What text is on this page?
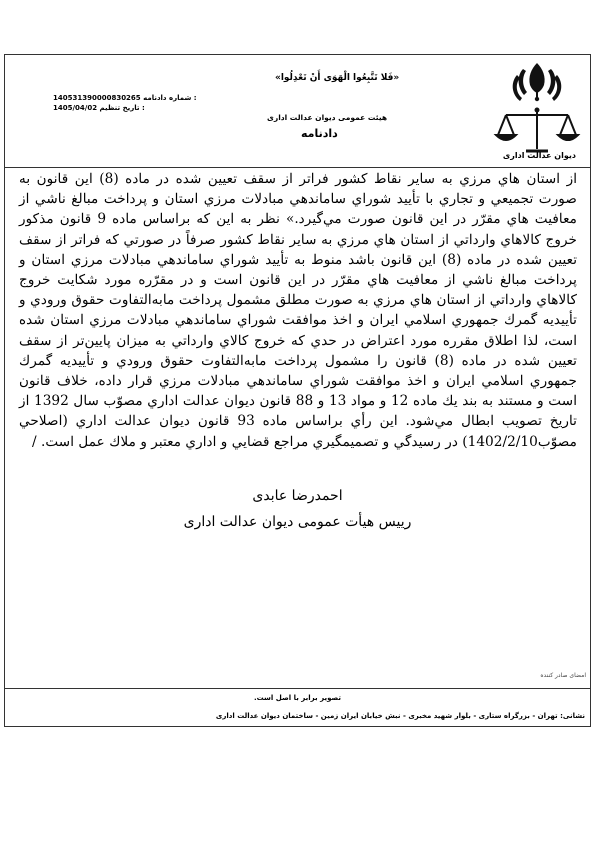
دیوان عدالت اداری
«فَلا تَتَّبِعُوا الْهَوَی أَنْ تَعْدِلُوا»
هیئت عمومی دیوان عدالت اداری
دادنامه
140531390000830265 شماره دادنامه :
1405/04/02 تاریخ تنظیم :
از استان هاي مرزي به ساير نقاط كشور فراتر از سقف تعيين شده در ماده (8) اين قانون به صورت تجميعي و تجاري با تأييد شوراي ساماندهي مبادلات مرزي استان و پرداخت مبالغ ناشي از معافيت هاي مقرّر در اين قانون صورت مي‌گيرد.» نظر به اين كه براساس ماده 9 قانون مذكور خروج كالاهاي وارداتي از استان هاي مرزي به ساير نقاط كشور صرفاً در صورتي كه فراتر از سقف تعيين شده در ماده (8) اين قانون باشد منوط به تأييد شوراي ساماندهي مبادلات مرزي استان و پرداخت مبالغ ناشي از معافيت هاي مقرّر در اين قانون است و در مقرّره مورد شكايت خروج كالاهاي وارداتي از استان هاي مرزي به صورت مطلق مشمول پرداخت مابه‌التفاوت حقوق ورودي و تأييديه گمرك جمهوري اسلامي ايران و اخذ موافقت شوراي ساماندهي مبادلات مرزي استان شده است، لذا اطلاق مقرره مورد اعتراض در حدي كه خروج كالاي وارداتي به ميزان پايين‌تر از سقف تعيين شده در ماده (8) قانون را مشمول پرداخت مابه‌التفاوت حقوق ورودي و تأييديه گمرك جمهوري اسلامي ايران و اخذ موافقت شوراي ساماندهي مبادلات مرزي قرار داده، خلاف قانون است و مستند به بند يك ماده 12 و مواد 13 و 88 قانون ديوان عدالت اداري مصوّب سال 1392 از تاريخ تصويب ابطال مي‌شود. اين رأي براساس ماده 93 قانون ديوان عدالت اداري (اصلاحي مصوّب1402/2/10) در رسيدگي و تصميمگيري مراجع قضايي و اداري معتبر و ملاك عمل است. /
احمدرضا عابدی
رییس هیأت عمومی دیوان عدالت اداری
امضای صادر کننده
تصویر برابر با اصل است.
نشانی: تهران - بزرگراه ستاری - بلوار شهید مخبری - نبش خیابان ایران زمین - ساختمان دیوان عدالت اداری
